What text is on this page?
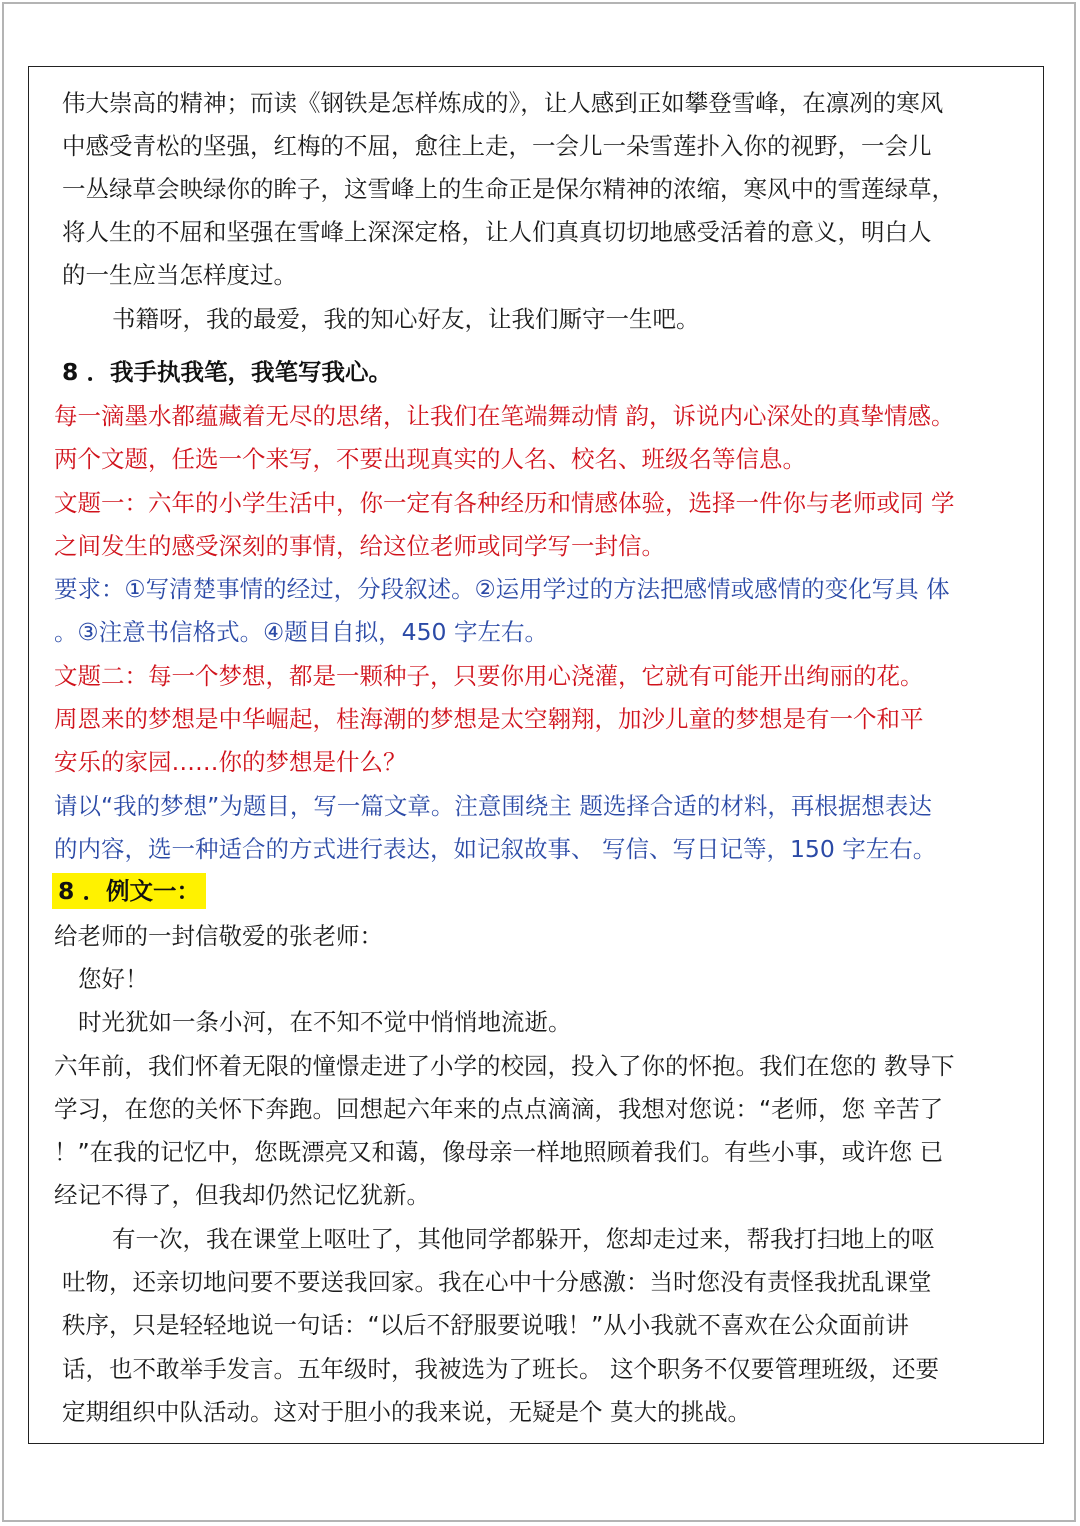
伟大崇高的精神；而读《钢铁是怎样炼成的》，让人感到正如攀登雪峰，在凛冽的寒风

中感受青松的坚强，红梅的不屈，愈往上走，一会儿一朵雪莲扑入你的视野，一会儿

一丛绿草会映绿你的眸子，这雪峰上的生命正是保尔精神的浓缩，寒风中的雪莲绿草，

将人生的不屈和坚强在雪峰上深深定格，让人们真真切切地感受活着的意义，明白人

的一生应当怎样度过。

书籍呀，我的最爱，我的知心好友，让我们厮守一生吧。

8 ．我手执我笔，我笔写我心。

每一滴墨水都蕴藏着无尽的思绪，让我们在笔端舞动情 韵，诉说内心深处的真挚情感。

两个文题，任选一个来写，不要出现真实的人名、校名、班级名等信息。

文题一：六年的小学生活中，你一定有各种经历和情感体验，选择一件你与老师或同 学

之间发生的感受深刻的事情，给这位老师或同学写一封信。

要求：①写清楚事情的经过，分段叙述。②运用学过的方法把感情或感情的变化写具 体

。③注意书信格式。④题目自拟，450 字左右。

文题二：每一个梦想，都是一颗种子，只要你用心浇灌，它就有可能开出绚丽的花。

周恩来的梦想是中华崛起，桂海潮的梦想是太空翱翔，加沙儿童的梦想是有一个和平

安乐的家园……你的梦想是什么？

请以“我的梦想”为题目，写一篇文章。注意围绕主 题选择合适的材料，再根据想表达

的内容，选一种适合的方式进行表达，如记叙故事、 写信、写日记等，150 字左右。

8 ．例文一：

给老师的一封信敬爱的张老师：

您好！

时光犹如一条小河，在不知不觉中悄悄地流逝。

六年前，我们怀着无限的憧憬走进了小学的校园，投入了你的怀抱。我们在您的 教导下

学习，在您的关怀下奔跑。回想起六年来的点点滴滴，我想对您说：“老师，您 辛苦了

！”在我的记忆中，您既漂亮又和蔼，像母亲一样地照顾着我们。有些小事，或许您 已

经记不得了，但我却仍然记忆犹新。

有一次，我在课堂上呕吐了，其他同学都躲开，您却走过来，帮我打扫地上的呕

吐物，还亲切地问要不要送我回家。我在心中十分感激：当时您没有责怪我扰乱课堂

秩序，只是轻轻地说一句话：“以后不舒服要说哦！”从小我就不喜欢在公众面前讲

话，也不敢举手发言。五年级时，我被选为了班长。 这个职务不仅要管理班级，还要

定期组织中队活动。这对于胆小的我来说，无疑是个 莫大的挑战。
